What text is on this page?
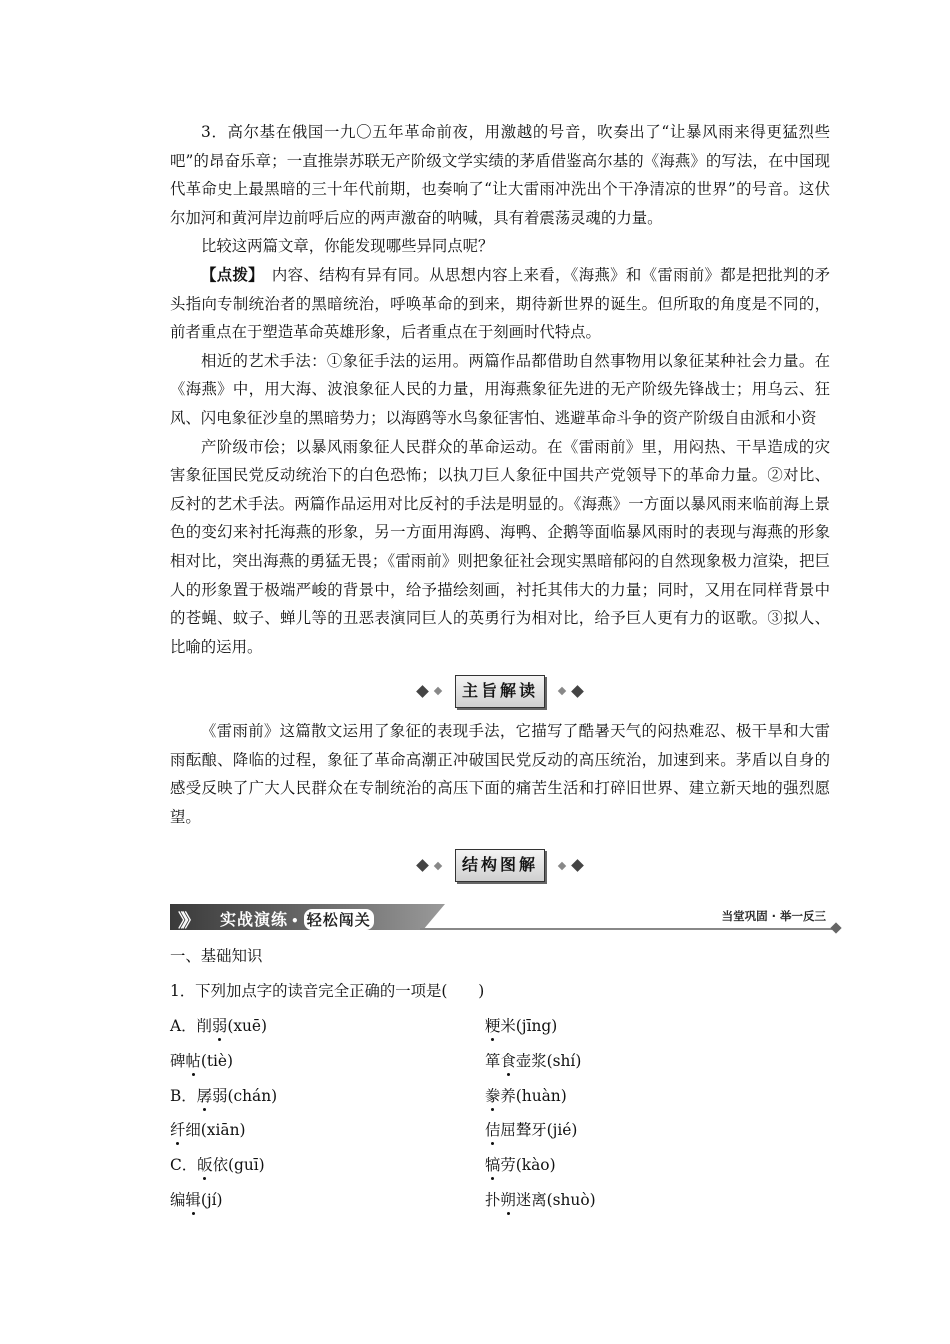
3．高尔基在俄国一九〇五年革命前夜，用激越的号音，吹奏出了“让暴风雨来得更猛烈些吧”的昂奋乐章；一直推崇苏联无产阶级文学实绩的茅盾借鉴高尔基的《海燕》的写法，在中国现代革命史上最黑暗的三十年代前期，也奏响了“让大雷雨冲洗出个干净清凉的世界”的号音。这伏尔加河和黄河岸边前呼后应的两声激奋的呐喊，具有着震荡灵魂的力量。

比较这两篇文章，你能发现哪些异同点呢？

【点拨】　内容、结构有异有同。从思想内容上来看，《海燕》和《雷雨前》都是把批判的矛头指向专制统治者的黑暗统治，呼唤革命的到来，期待新世界的诞生。但所取的角度是不同的，前者重点在于塑造革命英雄形象，后者重点在于刻画时代特点。

相近的艺术手法：①象征手法的运用。两篇作品都借助自然事物用以象征某种社会力量。在《海燕》中，用大海、波浪象征人民的力量，用海燕象征先进的无产阶级先锋战士；用乌云、狂风、闪电象征沙皇的黑暗势力；以海鸥等水鸟象征害怕、逃避革命斗争的资产阶级自由派和小资

产阶级市侩；以暴风雨象征人民群众的革命运动。在《雷雨前》里，用闷热、干旱造成的灾害象征国民党反动统治下的白色恐怖；以执刀巨人象征中国共产党领导下的革命力量。②对比、反衬的艺术手法。两篇作品运用对比反衬的手法是明显的。《海燕》一方面以暴风雨来临前海上景色的变幻来衬托海燕的形象，另一方面用海鸥、海鸭、企鹅等面临暴风雨时的表现与海燕的形象相对比，突出海燕的勇猛无畏；《雷雨前》则把象征社会现实黑暗郁闷的自然现象极力渲染，把巨人的形象置于极端严峻的背景中，给予描绘刻画，衬托其伟大的力量；同时，又用在同样背景中的苍蝇、蚊子、蝉儿等的丑恶表演同巨人的英勇行为相对比，给予巨人更有力的讴歌。③拟人、比喻的运用。

主旨解读

《雷雨前》这篇散文运用了象征的表现手法，它描写了酷暑天气的闷热难忍、极干旱和大雷雨酝酿、降临的过程，象征了革命高潮正冲破国民党反动的高压统治，加速到来。茅盾以自身的感受反映了广大人民群众在专制统治的高压下面的痛苦生活和打碎旧世界、建立新天地的强烈愿望。

结构图解
》》 实战演练 • 轻松闯关	当堂巩固 · 举一反三
一、基础知识
1．下列加点字的读音完全正确的一项是(　　)
A．削弱(xuē)	粳米(jīng)
碑帖(tiè)	箪食壶浆(shí)
B．孱弱(chán)	豢养(huàn)
纤细(xiān)	佶屈聱牙(jié)
C．皈依(guī)	犒劳(kào)
编辑(jí)	扑朔迷离(shuò)
